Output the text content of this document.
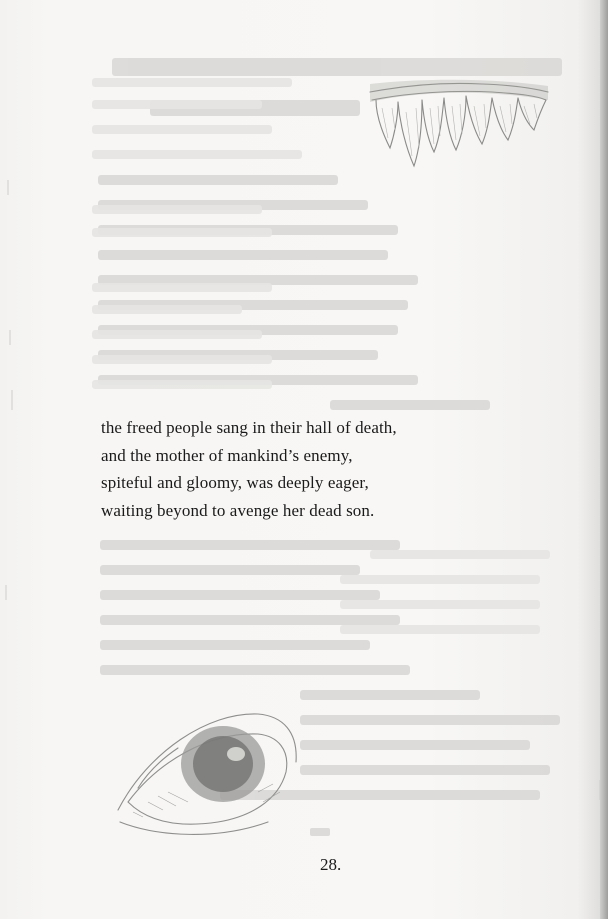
the freed people sang in their hall of death,
and the mother of mankind’s enemy,
spiteful and gloomy, was deeply eager,
waiting beyond to avenge her dead son.
28.
